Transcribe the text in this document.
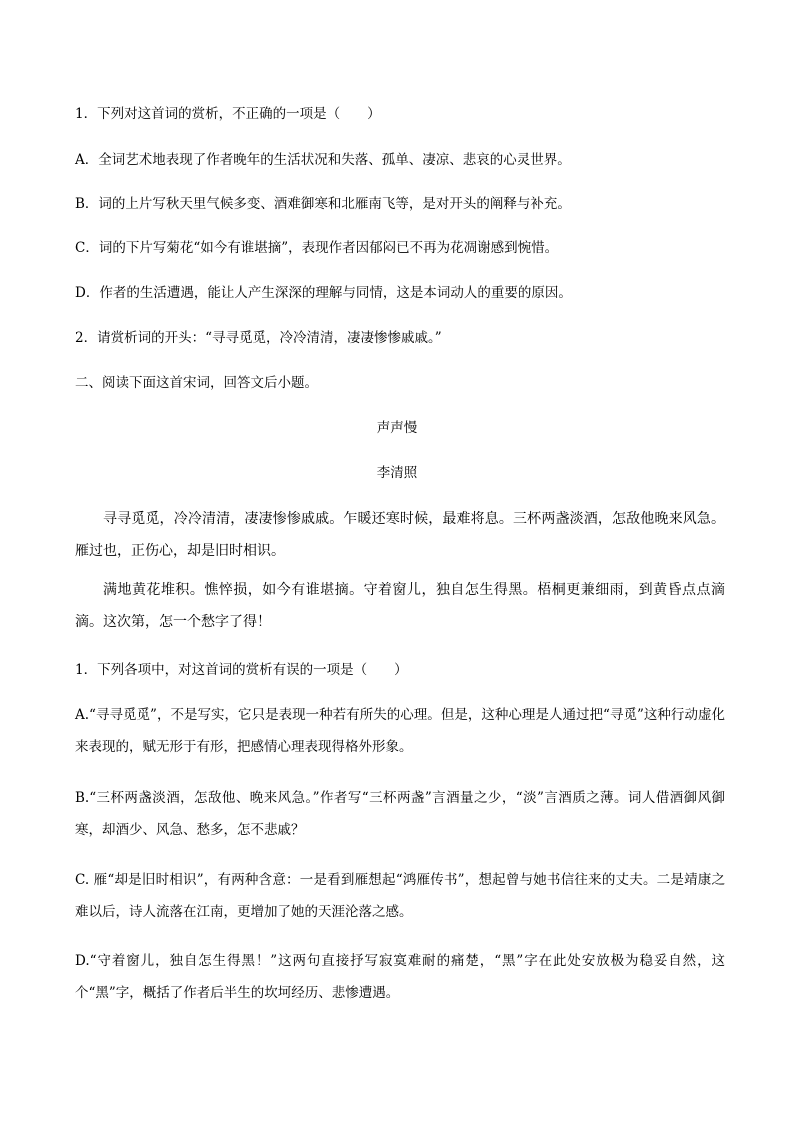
1．下列对这首词的赏析，不正确的一项是（　　）
A．全词艺术地表现了作者晚年的生活状况和失落、孤单、凄凉、悲哀的心灵世界。
B．词的上片写秋天里气候多变、酒难御寒和北雁南飞等，是对开头的阐释与补充。
C．词的下片写菊花“如今有谁堪摘”，表现作者因郁闷已不再为花凋谢感到惋惜。
D．作者的生活遭遇，能让人产生深深的理解与同情，这是本词动人的重要的原因。
2．请赏析词的开头：“寻寻觅觅，冷冷清清，凄凄惨惨戚戚。”
二、阅读下面这首宋词，回答文后小题。
声声慢
李清照
寻寻觅觅，冷冷清清，凄凄惨惨戚戚。乍暖还寒时候，最难将息。三杯两盏淡酒，怎敌他晚来风急。雁过也，正伤心，却是旧时相识。
满地黄花堆积。憔悴损，如今有谁堪摘。守着窗儿，独自怎生得黑。梧桐更兼细雨，到黄昏点点滴滴。这次第，怎一个愁字了得！
1．下列各项中，对这首词的赏析有误的一项是（　　）
A.“寻寻觅觅”，不是写实，它只是表现一种若有所失的心理。但是，这种心理是人通过把“寻觅”这种行动虚化来表现的，赋无形于有形，把感情心理表现得格外形象。
B.“三杯两盏淡酒，怎敌他、晚来风急。”作者写“三杯两盏”言酒量之少，“淡”言酒质之薄。词人借酒御风御寒，却酒少、风急、愁多，怎不悲戚？
C. 雁“却是旧时相识”，有两种含意：一是看到雁想起“鸿雁传书”，想起曾与她书信往来的丈夫。二是靖康之难以后，诗人流落在江南，更增加了她的天涯沦落之感。
D.“守着窗儿，独自怎生得黑！”这两句直接抒写寂寞难耐的痛楚，“黑”字在此处安放极为稳妥自然，这个“黑”字，概括了作者后半生的坎坷经历、悲惨遭遇。
